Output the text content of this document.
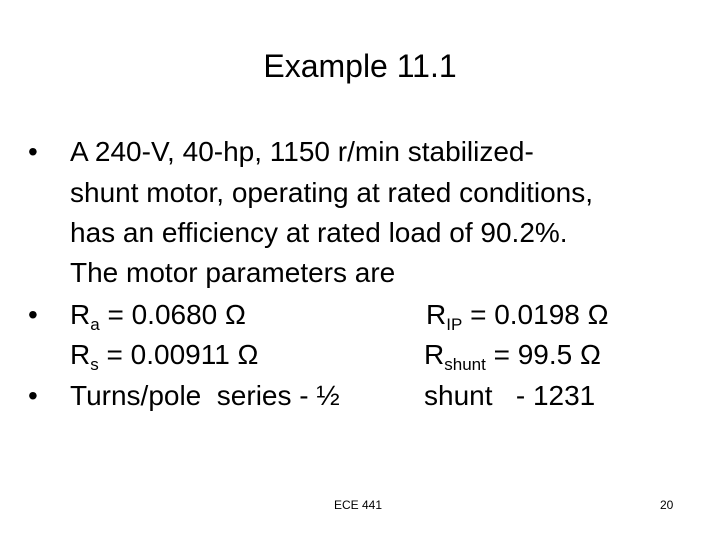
Example 11.1
• A 240-V, 40-hp, 1150 r/min stabilized-
shunt motor, operating at rated conditions,
has an efficiency at rated load of 90.2%.
The motor parameters are
• $R_a = 0.0680$ Ω	$R_{IP} = 0.0198$ Ω
$R_s = 0.00911$ Ω	$R_{shunt} = 99.5$ Ω
• Turns/pole  series - ½	shunt   - 1231
ECE 441	20
